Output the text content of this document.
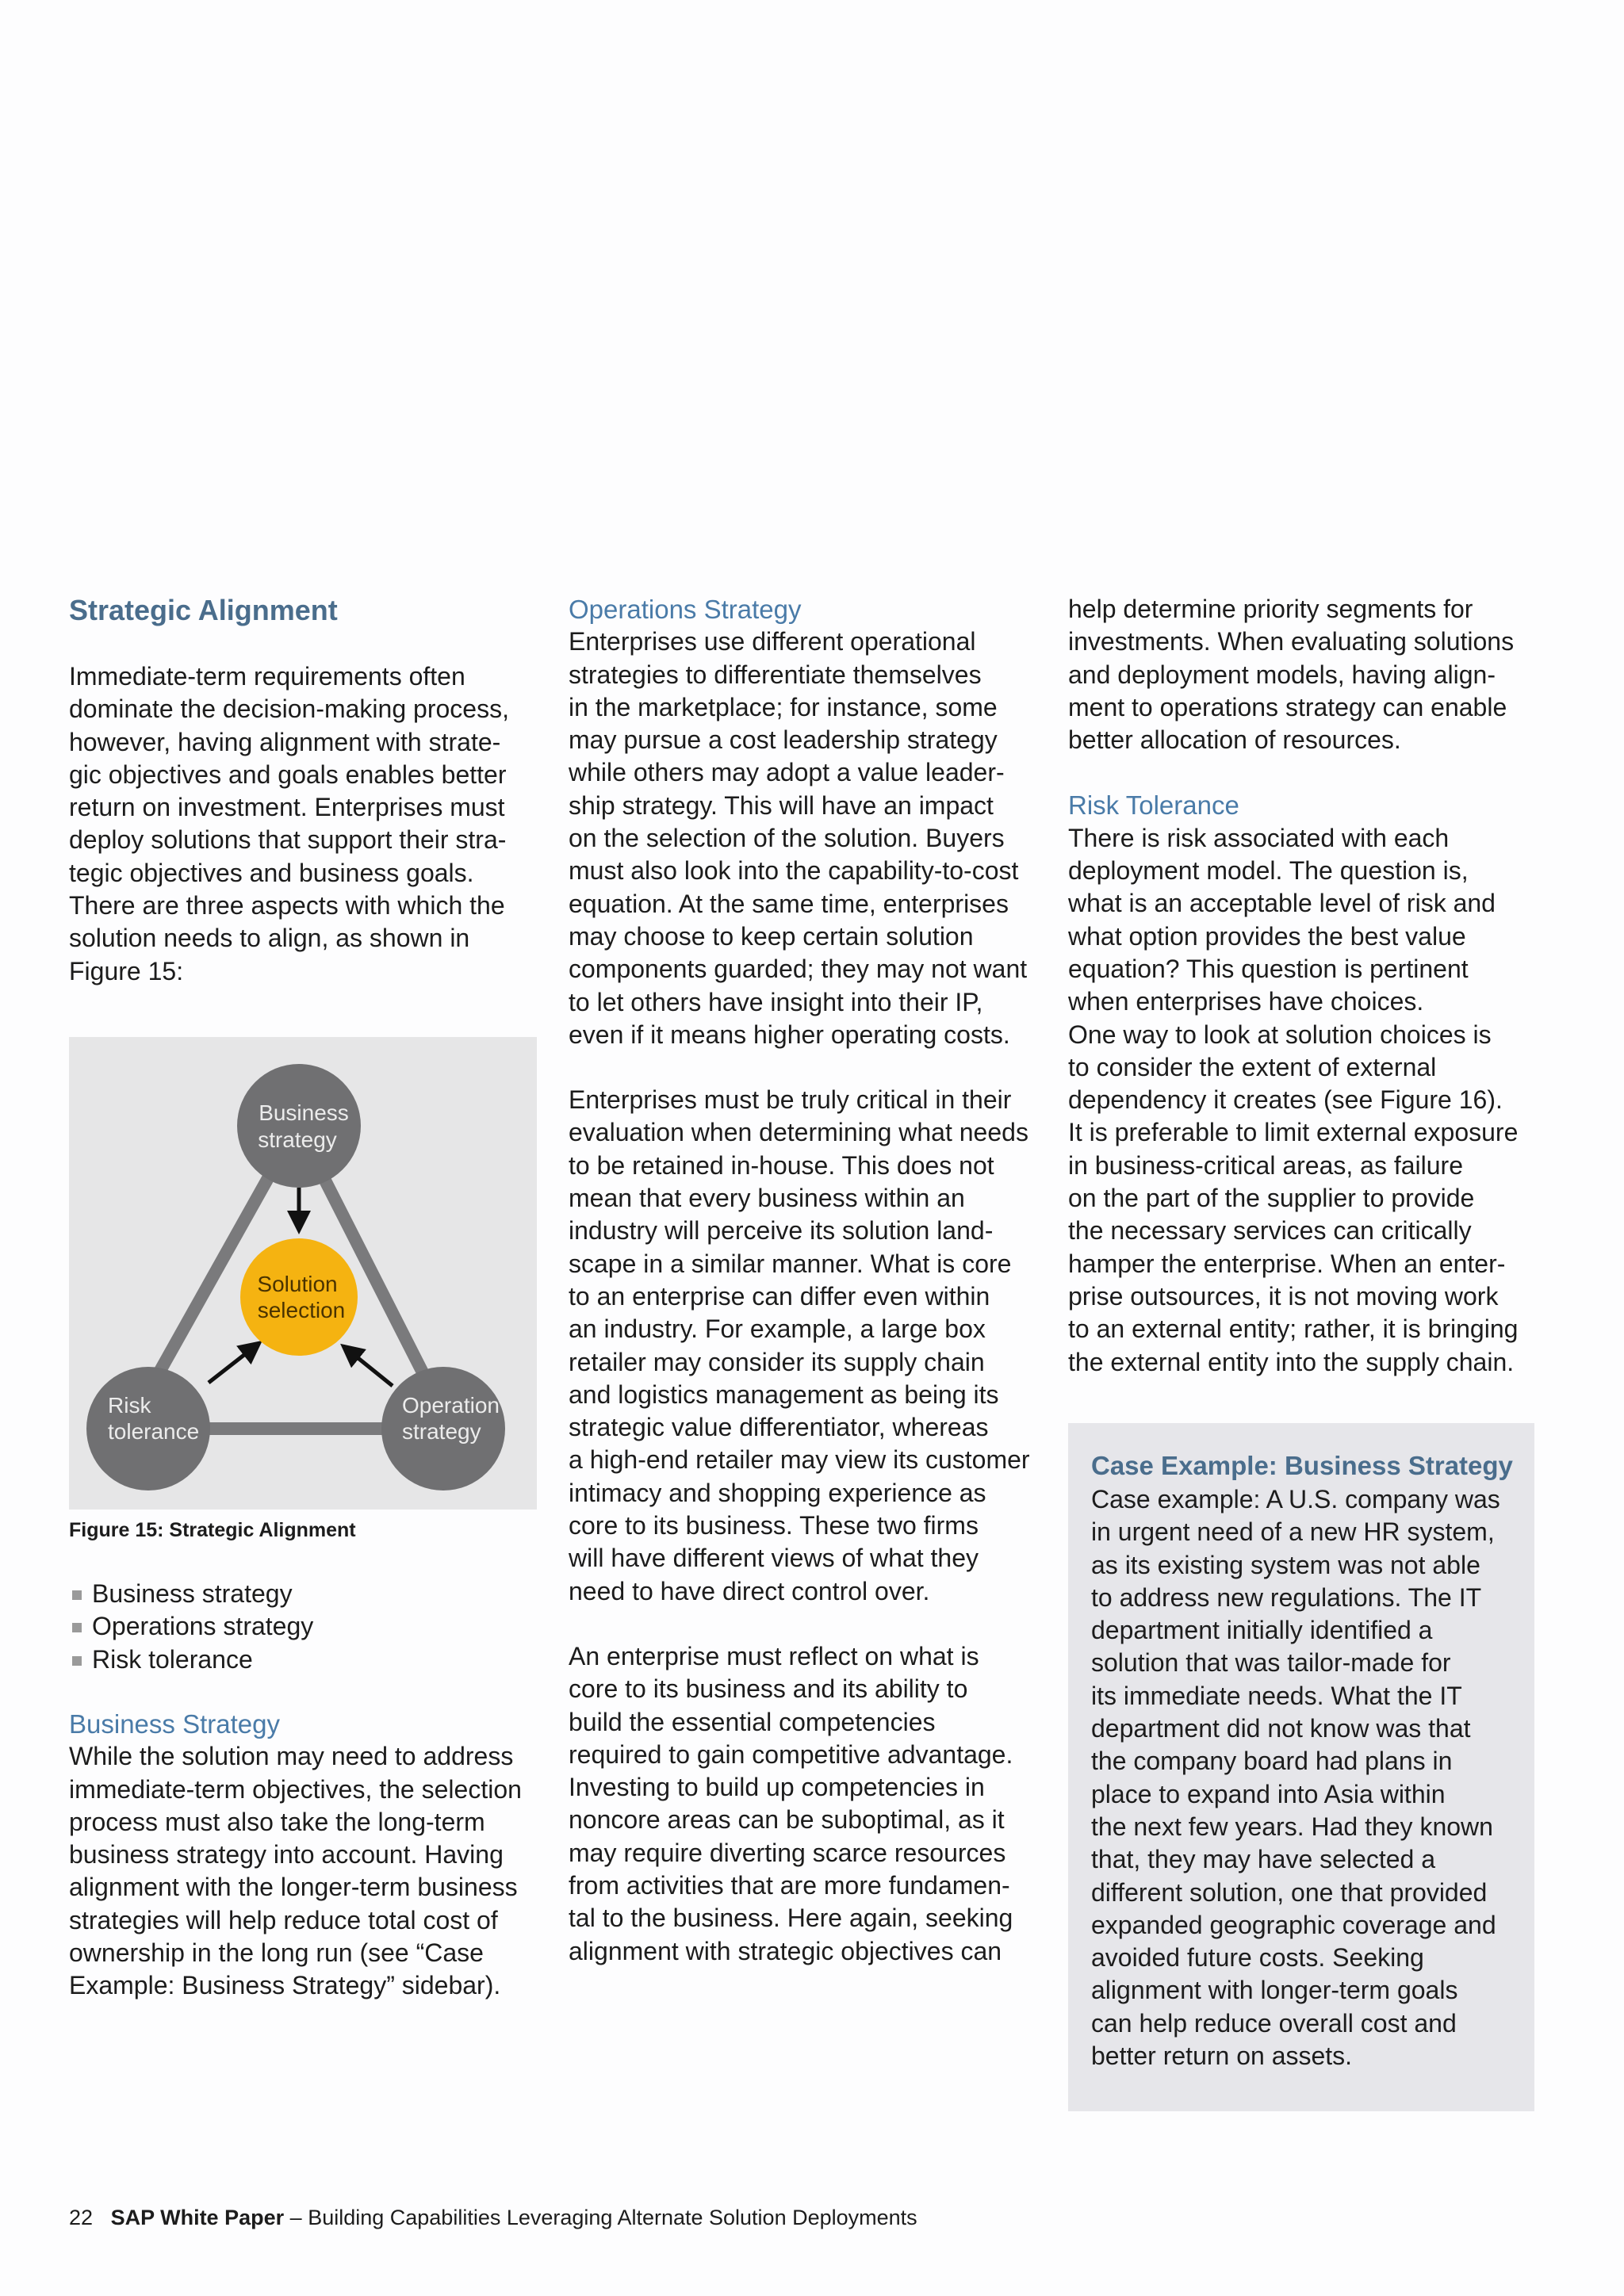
Strategic Alignment

Immediate-term requirements often
dominate the decision-making process,
however, having alignment with strate-
gic objectives and goals enables better
return on investment. Enterprises must
deploy solutions that support their stra-
tegic objectives and business goals.
There are three aspects with which the
solution needs to align, as shown in
Figure 15:

Business
strategy
Solution
selection
Risk
tolerance
Operation
strategy

Figure 15: Strategic Alignment

Business strategy
Operations strategy
Risk tolerance

Business Strategy

While the solution may need to address
immediate-term objectives, the selection
process must also take the long-term
business strategy into account. Having
alignment with the longer-term business
strategies will help reduce total cost of
ownership in the long run (see “Case
Example: Business Strategy” sidebar).

Operations Strategy

Enterprises use different operational
strategies to differentiate themselves
in the marketplace; for instance, some
may pursue a cost leadership strategy
while others may adopt a value leader-
ship strategy. This will have an impact
on the selection of the solution. Buyers
must also look into the capability-to-cost
equation. At the same time, enterprises
may choose to keep certain solution
components guarded; they may not want
to let others have insight into their IP,
even if it means higher operating costs.

Enterprises must be truly critical in their
evaluation when determining what needs
to be retained in-house. This does not
mean that every business within an
industry will perceive its solution land-
scape in a similar manner. What is core
to an enterprise can differ even within
an industry. For example, a large box
retailer may consider its supply chain
and logistics management as being its
strategic value differentiator, whereas
a high-end retailer may view its customer
intimacy and shopping experience as
core to its business. These two firms
will have different views of what they
need to have direct control over.

An enterprise must reflect on what is
core to its business and its ability to
build the essential competencies
required to gain competitive advantage.
Investing to build up competencies in
noncore areas can be suboptimal, as it
may require diverting scarce resources
from activities that are more fundamen-
tal to the business. Here again, seeking
alignment with strategic objectives can

help determine priority segments for
investments. When evaluating solutions
and deployment models, having align-
ment to operations strategy can enable
better allocation of resources.

Risk Tolerance

There is risk associated with each
deployment model. The question is,
what is an acceptable level of risk and
what option provides the best value
equation? This question is pertinent
when enterprises have choices.
One way to look at solution choices is
to consider the extent of external
dependency it creates (see Figure 16).
It is preferable to limit external exposure
in business-critical areas, as failure
on the part of the supplier to provide
the necessary services can critically
hamper the enterprise. When an enter-
prise outsources, it is not moving work
to an external entity; rather, it is bringing
the external entity into the supply chain.

Case Example: Business Strategy

Case example: A U.S. company was
in urgent need of a new HR system,
as its existing system was not able
to address new regulations. The IT
department initially identified a
solution that was tailor-made for
its immediate needs. What the IT
department did not know was that
the company board had plans in
place to expand into Asia within
the next few years. Had they known
that, they may have selected a
different solution, one that provided
expanded geographic coverage and
avoided future costs. Seeking
alignment with longer-term goals
can help reduce overall cost and
better return on assets.

22 SAP White Paper – Building Capabilities Leveraging Alternate Solution Deployments
